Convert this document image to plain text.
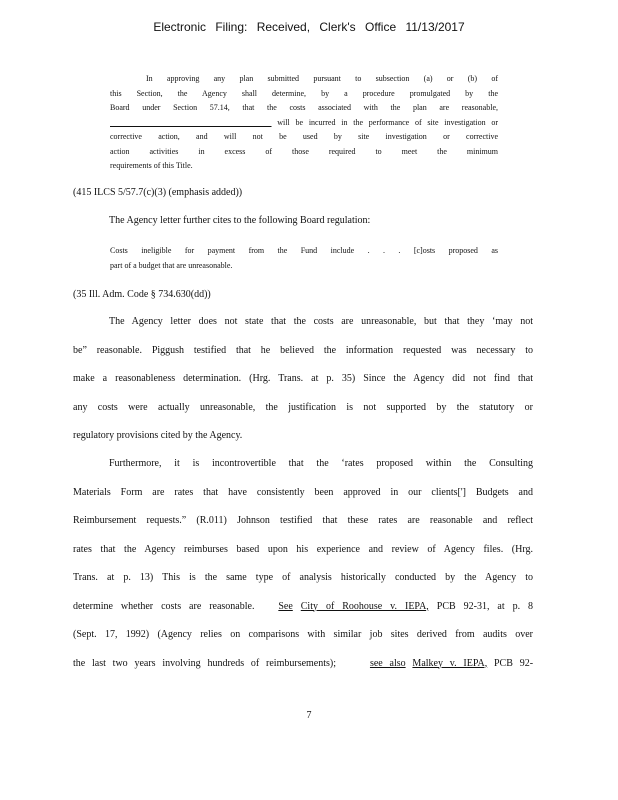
Electronic Filing: Received, Clerk's Office 11/13/2017
In approving any plan submitted pursuant to subsection (a) or (b) of
this Section, the Agency shall determine, by a procedure promulgated by the
Board under Section 57.14, that the costs associated with the plan are reasonable,
will be incurred in the performance of site investigation or
corrective action, and will not be used by site investigation or corrective
action activities in excess of those required to meet the minimum
requirements of this Title.
(415 ILCS 5/57.7(c)(3) (emphasis added))
The Agency letter further cites to the following Board regulation:
Costs ineligible for payment from the Fund include . . . [c]osts proposed as
part of a budget that are unreasonable.
(35 Ill. Adm. Code § 734.630(dd))
The Agency letter does not state that the costs are unreasonable, but that they ‘may not
be” reasonable. Piggush testified that he believed the information requested was necessary to
make a reasonableness determination. (Hrg. Trans. at p. 35) Since the Agency did not find that
any costs were actually unreasonable, the justification is not supported by the statutory or
regulatory provisions cited by the Agency.
Furthermore, it is incontrovertible that the ‘rates proposed within the Consulting
Materials Form are rates that have consistently been approved in our clients['] Budgets and
Reimbursement requests.” (R.011) Johnson testified that these rates are reasonable and reflect
rates that the Agency reimburses based upon his experience and review of Agency files. (Hrg.
Trans. at p. 13) This is the same type of analysis historically conducted by the Agency to
determine whether costs are reasonable. See City of Roohouse v. IEPA, PCB 92-31, at p. 8
(Sept. 17, 1992) (Agency relies on comparisons with similar job sites derived from audits over
the last two years involving hundreds of reimbursements);	see also Malkey v. IEPA, PCB 92-
7
